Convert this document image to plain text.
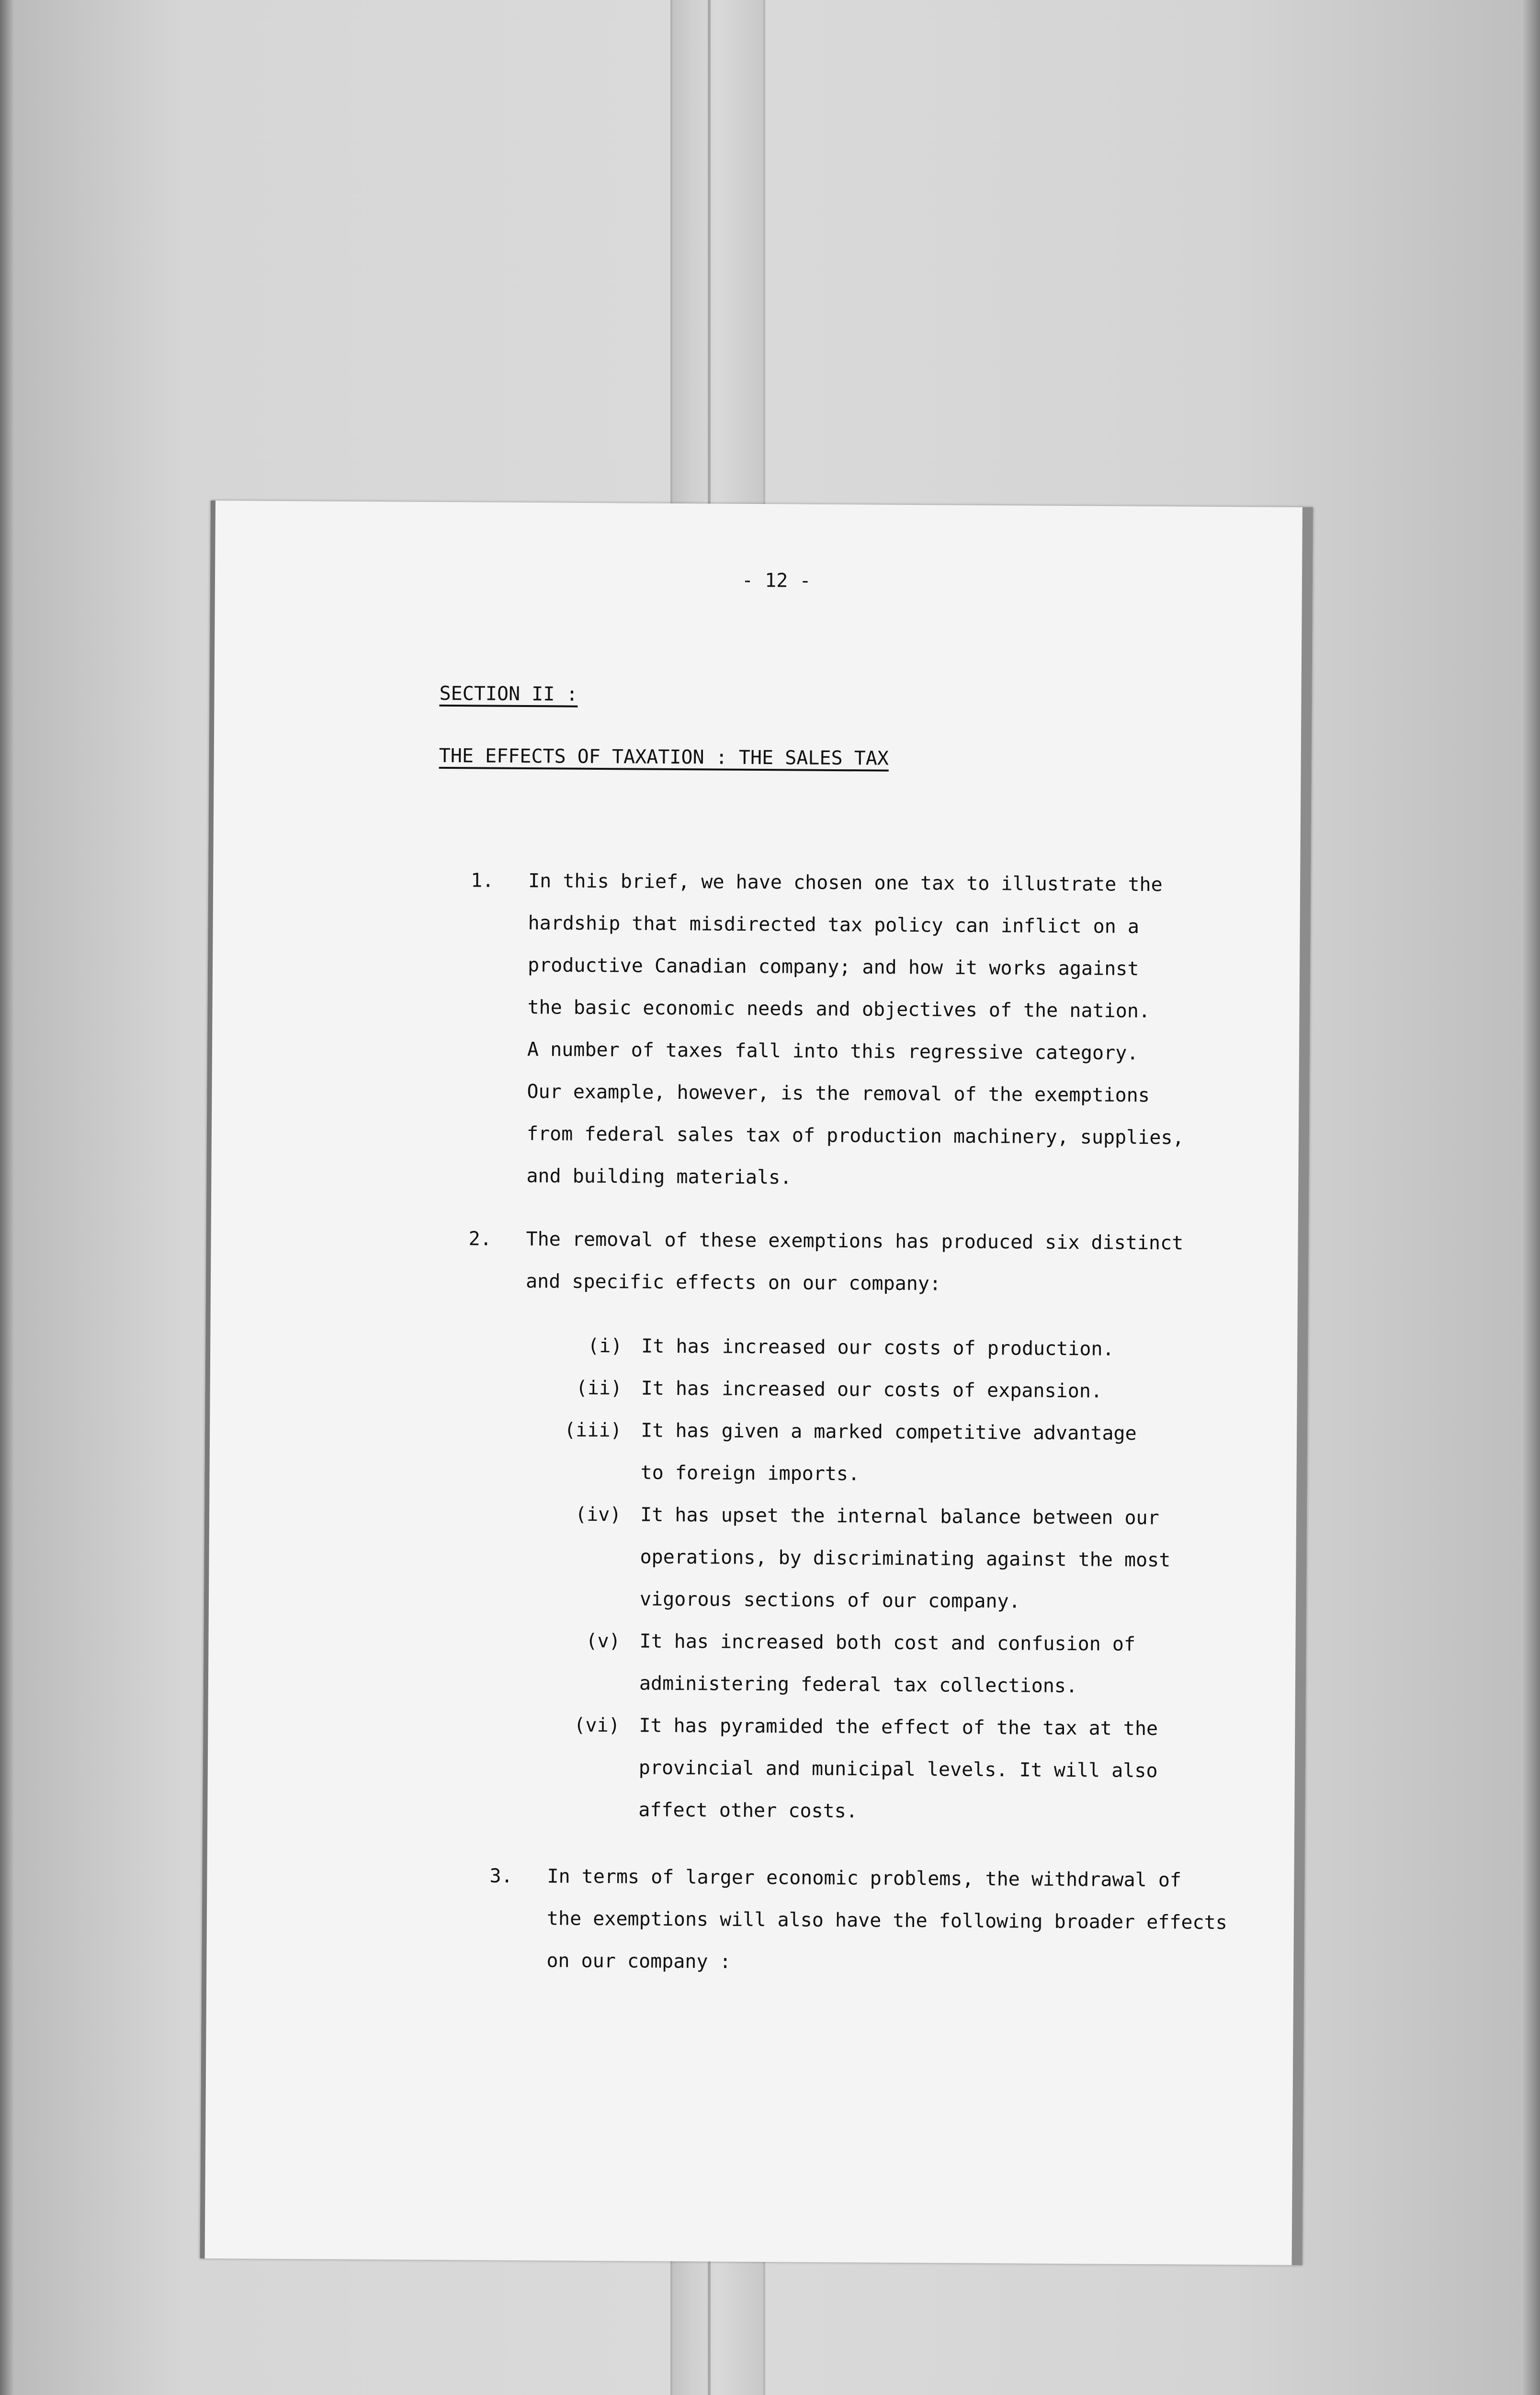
- 12 -
SECTION II :
THE EFFECTS OF TAXATION : THE SALES TAX
1. In this brief, we have chosen one tax to illustrate the
hardship that misdirected tax policy can inflict on a
productive Canadian company; and how it works against
the basic economic needs and objectives of the nation.
A number of taxes fall into this regressive category.
Our example, however, is the removal of the exemptions
from federal sales tax of production machinery, supplies,
and building materials.
2. The removal of these exemptions has produced six distinct
and specific effects on our company:
(i) It has increased our costs of production.
(ii) It has increased our costs of expansion.
(iii) It has given a marked competitive advantage
to foreign imports.
(iv) It has upset the internal balance between our
operations, by discriminating against the most
vigorous sections of our company.
(v) It has increased both cost and confusion of
administering federal tax collections.
(vi) It has pyramided the effect of the tax at the
provincial and municipal levels. It will also
affect other costs.
3. In terms of larger economic problems, the withdrawal of
the exemptions will also have the following broader effects
on our company :
